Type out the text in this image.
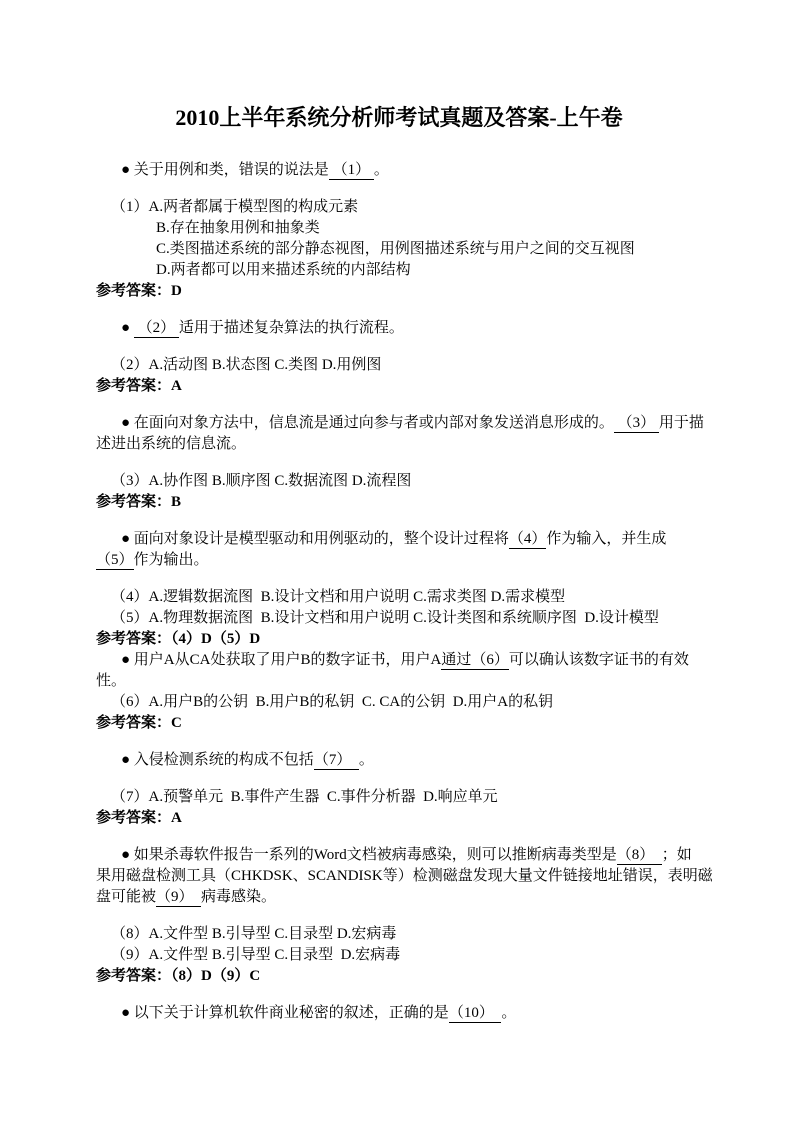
2010上半年系统分析师考试真题及答案-上午卷
● 关于用例和类，错误的说法是 （1） 。
（1）A.两者都属于模型图的构成元素
B.存在抽象用例和抽象类
C.类图描述系统的部分静态视图，用例图描述系统与用户之间的交互视图
D.两者都可以用来描述系统的内部结构
参考答案：D
●  （2） 适用于描述复杂算法的执行流程。
（2）A.活动图 B.状态图 C.类图 D.用例图
参考答案：A
● 在面向对象方法中，信息流是通过向参与者或内部对象发送消息形成的。 （3） 用于描
述进出系统的信息流。
（3）A.协作图 B.顺序图 C.数据流图 D.流程图
参考答案：B
● 面向对象设计是模型驱动和用例驱动的，整个设计过程将（4）作为输入，并生成
（5）作为输出。
（4）A.逻辑数据流图  B.设计文档和用户说明 C.需求类图 D.需求模型
（5）A.物理数据流图  B.设计文档和用户说明 C.设计类图和系统顺序图  D.设计模型
参考答案：（4）D（5）D
● 用户A从CA处获取了用户B的数字证书，用户A通过（6）可以确认该数字证书的有效
性。
（6）A.用户B的公钥  B.用户B的私钥  C. CA的公钥  D.用户A的私钥
参考答案：C
● 入侵检测系统的构成不包括（7）  。
（7）A.预警单元  B.事件产生器  C.事件分析器  D.响应单元
参考答案：A
● 如果杀毒软件报告一系列的Word文档被病毒感染，则可以推断病毒类型是（8）  ；如
果用磁盘检测工具（CHKDSK、SCANDISK等）检测磁盘发现大量文件链接地址错误，表明磁
盘可能被（9）  病毒感染。
（8）A.文件型 B.引导型 C.目录型 D.宏病毒
（9）A.文件型 B.引导型 C.目录型  D.宏病毒
参考答案：（8）D（9）C
● 以下关于计算机软件商业秘密的叙述，正确的是（10）  。
